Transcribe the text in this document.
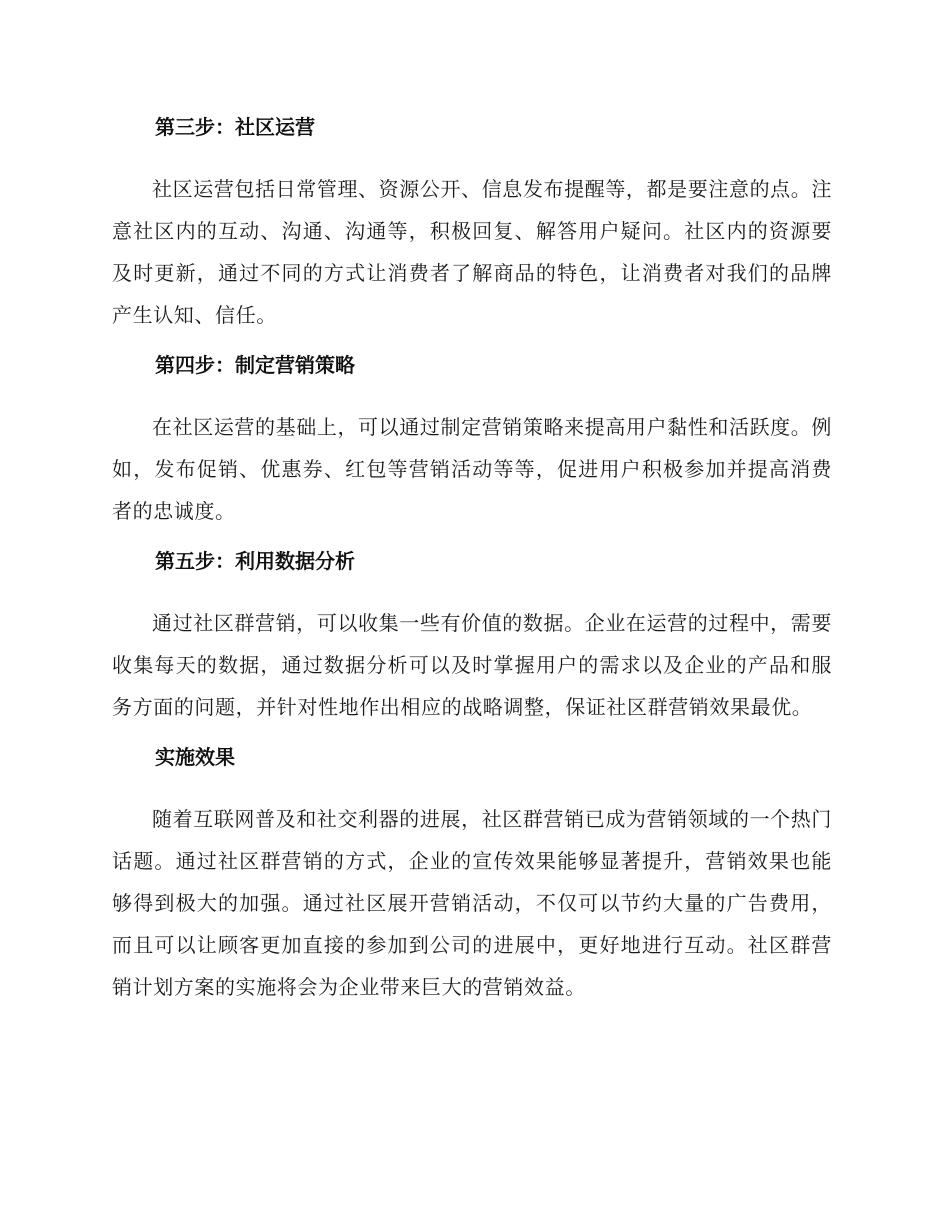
第三步：社区运营

社区运营包括日常管理、资源公开、信息发布提醒等，都是要注意的点。注意社区内的互动、沟通、沟通等，积极回复、解答用户疑问。社区内的资源要及时更新，通过不同的方式让消费者了解商品的特色，让消费者对我们的品牌产生认知、信任。

第四步：制定营销策略

在社区运营的基础上，可以通过制定营销策略来提高用户黏性和活跃度。例如，发布促销、优惠券、红包等营销活动等等，促进用户积极参加并提高消费者的忠诚度。

第五步：利用数据分析

通过社区群营销，可以收集一些有价值的数据。企业在运营的过程中，需要收集每天的数据，通过数据分析可以及时掌握用户的需求以及企业的产品和服务方面的问题，并针对性地作出相应的战略调整，保证社区群营销效果最优。

实施效果

随着互联网普及和社交利器的进展，社区群营销已成为营销领域的一个热门话题。通过社区群营销的方式，企业的宣传效果能够显著提升，营销效果也能够得到极大的加强。通过社区展开营销活动，不仅可以节约大量的广告费用，而且可以让顾客更加直接的参加到公司的进展中，更好地进行互动。社区群营销计划方案的实施将会为企业带来巨大的营销效益。
